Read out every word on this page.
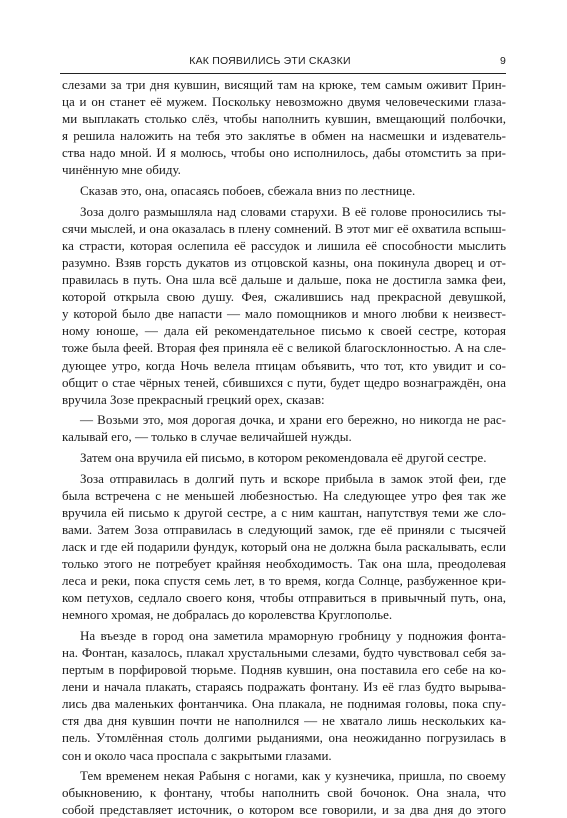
КАК ПОЯВИЛИСЬ ЭТИ СКАЗКИ	9
слезами за три дня кувшин, висящий там на крюке, тем самым оживит Прин-
ца и он станет её мужем. Поскольку невозможно двумя человеческими глаза-
ми выплакать столько слёз, чтобы наполнить кувшин, вмещающий полбочки,
я решила наложить на тебя это заклятье в обмен на насмешки и издеватель-
ства надо мной. И я молюсь, чтобы оно исполнилось, дабы отомстить за при-
чинённую мне обиду.
Сказав это, она, опасаясь побоев, сбежала вниз по лестнице.
Зоза долго размышляла над словами старухи. В её голове проносились ты-
сячи мыслей, и она оказалась в плену сомнений. В этот миг её охватила вспыш-
ка страсти, которая ослепила её рассудок и лишила её способности мыслить
разумно. Взяв горсть дукатов из отцовской казны, она покинула дворец и от-
правилась в путь. Она шла всё дальше и дальше, пока не достигла замка феи,
которой открыла свою душу. Фея, сжалившись над прекрасной девушкой,
у которой было две напасти — мало помощников и много любви к неизвест-
ному юноше, — дала ей рекомендательное письмо к своей сестре, которая
тоже была феей. Вторая фея приняла её с великой благосклонностью. А на сле-
дующее утро, когда Ночь велела птицам объявить, что тот, кто увидит и со-
общит о стае чёрных теней, сбившихся с пути, будет щедро вознаграждён, она
вручила Зозе прекрасный грецкий орех, сказав:
— Возьми это, моя дорогая дочка, и храни его бережно, но никогда не рас-
калывай его, — только в случае величайшей нужды.
Затем она вручила ей письмо, в котором рекомендовала её другой сестре.
Зоза отправилась в долгий путь и вскоре прибыла в замок этой феи, где
была встречена с не меньшей любезностью. На следующее утро фея так же
вручила ей письмо к другой сестре, а с ним каштан, напутствуя теми же сло-
вами. Затем Зоза отправилась в следующий замок, где её приняли с тысячей
ласк и где ей подарили фундук, который она не должна была раскалывать, если
только этого не потребует крайняя необходимость. Так она шла, преодолевая
леса и реки, пока спустя семь лет, в то время, когда Солнце, разбуженное кри-
ком петухов, седлало своего коня, чтобы отправиться в привычный путь, она,
немного хромая, не добралась до королевства Круглополье.
На въезде в город она заметила мраморную гробницу у подножия фонта-
на. Фонтан, казалось, плакал хрустальными слезами, будто чувствовал себя за-
пертым в порфировой тюрьме. Подняв кувшин, она поставила его себе на ко-
лени и начала плакать, стараясь подражать фонтану. Из её глаз будто вырыва-
лись два маленьких фонтанчика. Она плакала, не поднимая головы, пока спу-
стя два дня кувшин почти не наполнился — не хватало лишь нескольких ка-
пель. Утомлённая столь долгими рыданиями, она неожиданно погрузилась в
сон и около часа проспала с закрытыми глазами.
Тем временем некая Рабыня с ногами, как у кузнечика, пришла, по своему
обыкновению, к фонтану, чтобы наполнить свой бочонок. Она знала, что
собой представляет источник, о котором все говорили, и за два дня до этого
